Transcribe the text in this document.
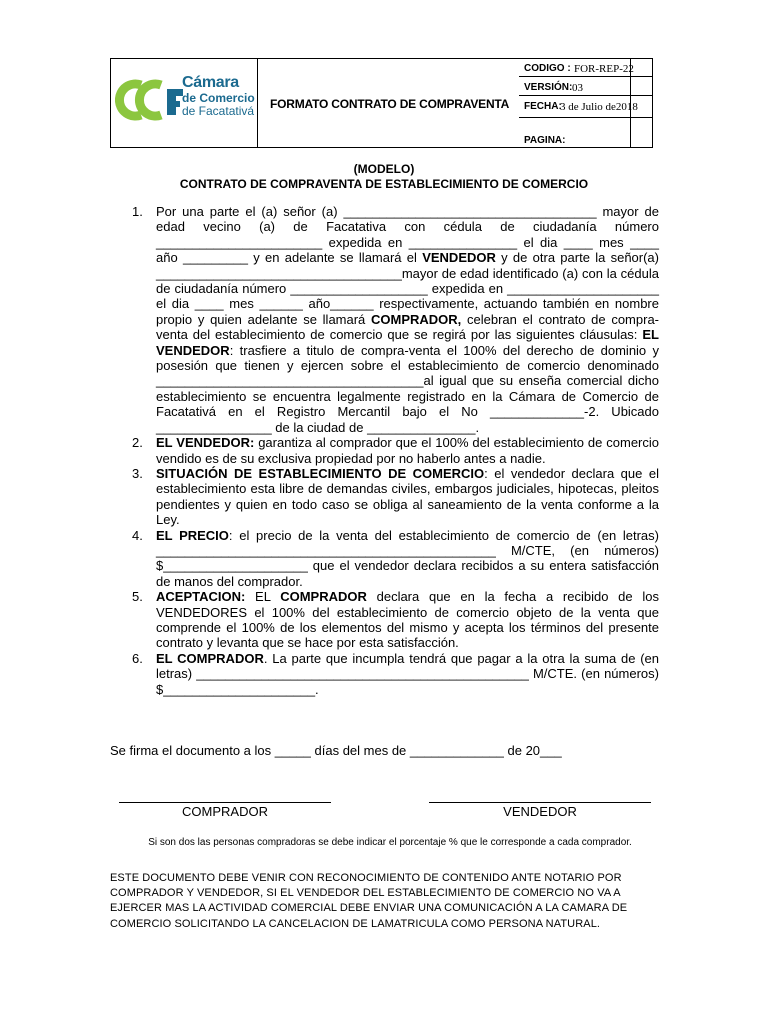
Cámara
de Comercio
de Facatativá FORMATO CONTRATO DE COMPRAVENTA
CODIGO : FOR-REP-22
VERSIÓN: 03
FECHA:
3 de Julio de2018
PAGINA:
(MODELO)
CONTRATO DE COMPRAVENTA DE ESTABLECIMIENTO DE COMERCIO
1. Por una parte el (a) señor (a) ___________________________________ mayor de edad vecino (a) de Facatativa con cédula de ciudadanía número _______________________ expedida en _______________ el dia ____ mes ____ año _________ y en adelante se llamará el VENDEDOR y de otra parte la señor(a) __________________________________mayor de edad identificado (a) con la cédula de ciudadanía número ___________________ expedida en _____________________ el dia ____ mes ______ año______ respectivamente, actuando también en nombre propio y quien adelante se llamará COMPRADOR, celebran el contrato de compra-venta del establecimiento de comercio que se regirá por las siguientes cláusulas: EL VENDEDOR: trasfiere a titulo de compra-venta el 100% del derecho de dominio y posesión que tienen y ejercen sobre el establecimiento de comercio denominado _____________________________________al igual que su enseña comercial dicho establecimiento se encuentra legalmente registrado en la Cámara de Comercio de Facatativá en el Registro Mercantil bajo el No _____________-2. Ubicado ________________ de la ciudad de _______________.
2. EL VENDEDOR: garantiza al comprador que el 100% del establecimiento de comercio vendido es de su exclusiva propiedad por no haberlo antes a nadie.
3. SITUACIÓN DE ESTABLECIMIENTO DE COMERCIO: el vendedor declara que el establecimiento esta libre de demandas civiles, embargos judiciales, hipotecas, pleitos pendientes y quien en todo caso se obliga al saneamiento de la venta conforme a la Ley.
4. EL PRECIO: el precio de la venta del establecimiento de comercio de (en letras) _______________________________________________ M/CTE, (en números) $____________________ que el vendedor declara recibidos a su entera satisfacción de manos del comprador.
5. ACEPTACION: EL COMPRADOR declara que en la fecha a recibido de los VENDEDORES el 100% del establecimiento de comercio objeto de la venta que comprende el 100% de los elementos del mismo y acepta los términos del presente contrato y levanta que se hace por esta satisfacción.
6. EL COMPRADOR. La parte que incumpla tendrá que pagar a la otra la suma de (en letras) ______________________________________________ M/CTE. (en números) $_____________________.
Se firma el documento a los _____ días del mes de _____________ de 20___
COMPRADOR	VENDEDOR
Si son dos las personas compradoras se debe indicar el porcentaje % que le corresponde a cada comprador.
ESTE DOCUMENTO DEBE VENIR CON RECONOCIMIENTO DE CONTENIDO ANTE NOTARIO POR COMPRADOR Y VENDEDOR, SI EL VENDEDOR DEL ESTABLECIMIENTO DE COMERCIO NO VA A EJERCER MAS LA ACTIVIDAD COMERCIAL DEBE ENVIAR UNA COMUNICACIÓN A LA CAMARA DE COMERCIO SOLICITANDO LA CANCELACION DE LAMATRICULA COMO PERSONA NATURAL.
